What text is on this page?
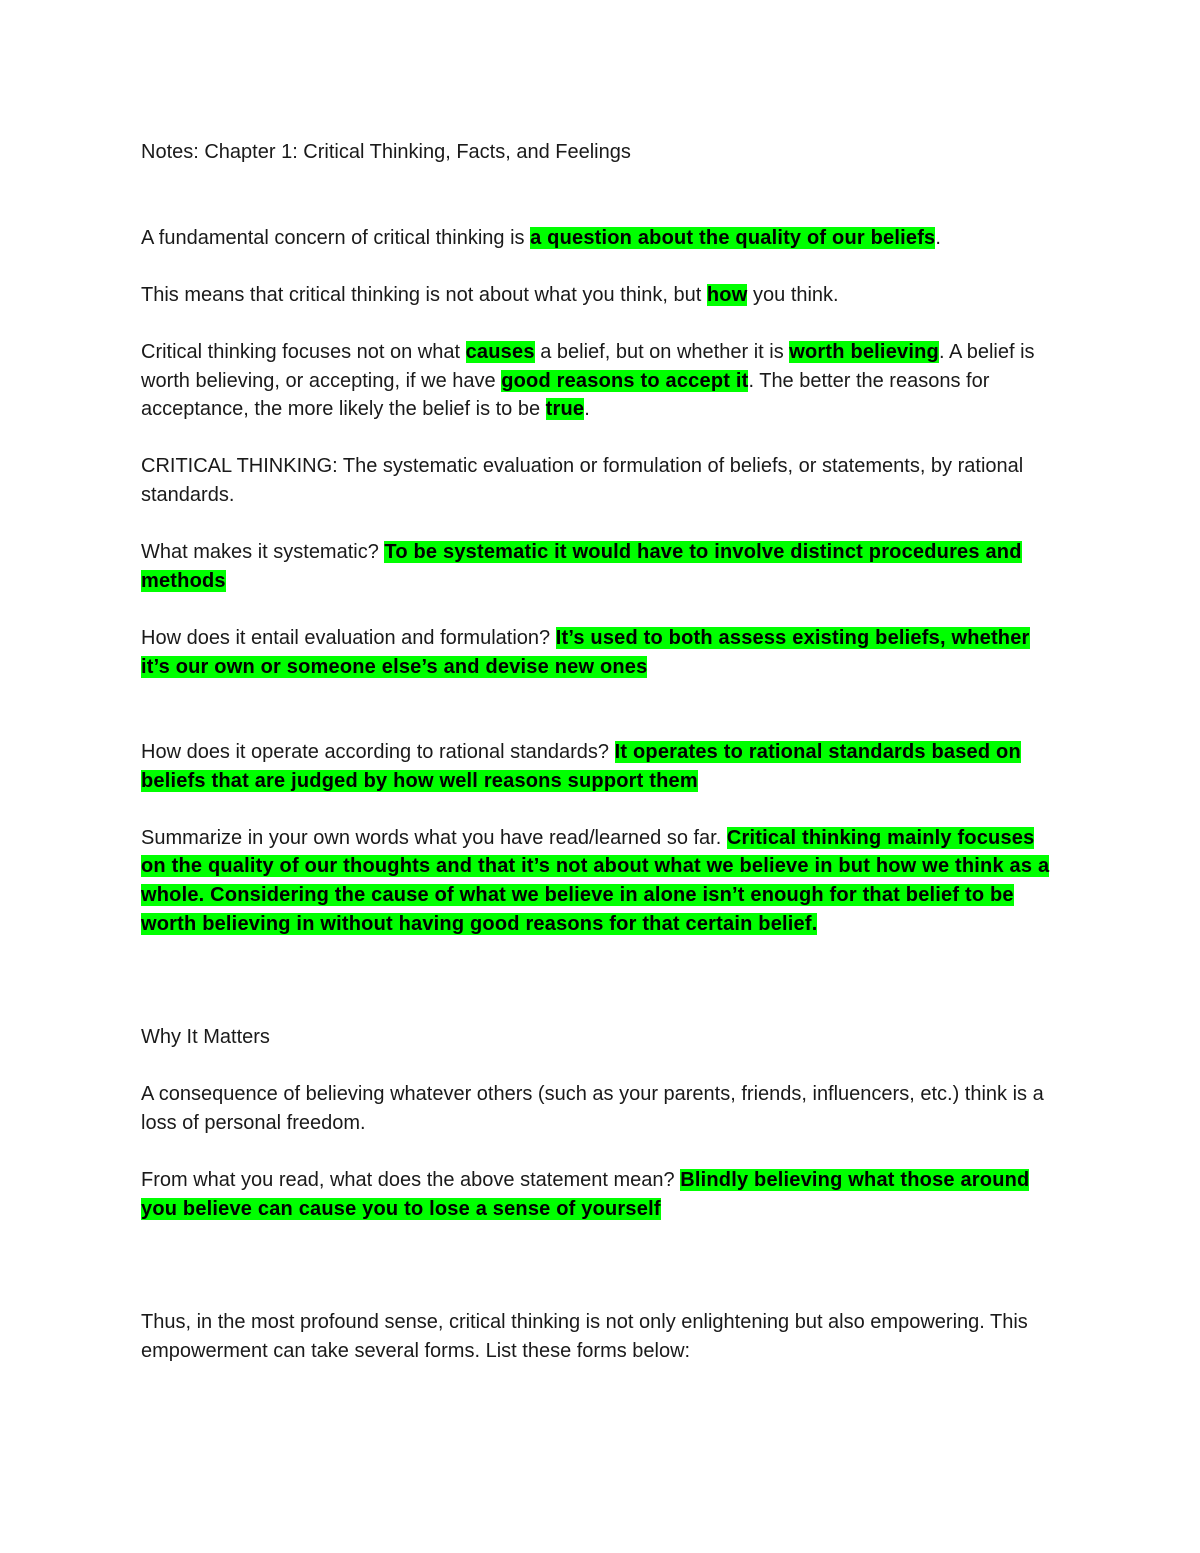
Notes: Chapter 1: Critical Thinking, Facts, and Feelings

A fundamental concern of critical thinking is a question about the quality of our beliefs.

This means that critical thinking is not about what you think, but how you think.

Critical thinking focuses not on what causes a belief, but on whether it is worth believing. A belief is worth believing, or accepting, if we have good reasons to accept it. The better the reasons for acceptance, the more likely the belief is to be true.

CRITICAL THINKING: The systematic evaluation or formulation of beliefs, or statements, by rational standards.

What makes it systematic? To be systematic it would have to involve distinct procedures and methods

How does it entail evaluation and formulation? It’s used to both assess existing beliefs, whether it’s our own or someone else’s and devise new ones

How does it operate according to rational standards? It operates to rational standards based on beliefs that are judged by how well reasons support them

Summarize in your own words what you have read/learned so far. Critical thinking mainly focuses on the quality of our thoughts and that it’s not about what we believe in but how we think as a whole. Considering the cause of what we believe in alone isn’t enough for that belief to be worth believing in without having good reasons for that certain belief.

Why It Matters

A consequence of believing whatever others (such as your parents, friends, influencers, etc.) think is a loss of personal freedom.

From what you read, what does the above statement mean? Blindly believing what those around you believe can cause you to lose a sense of yourself

Thus, in the most profound sense, critical thinking is not only enlightening but also empowering. This empowerment can take several forms. List these forms below:
